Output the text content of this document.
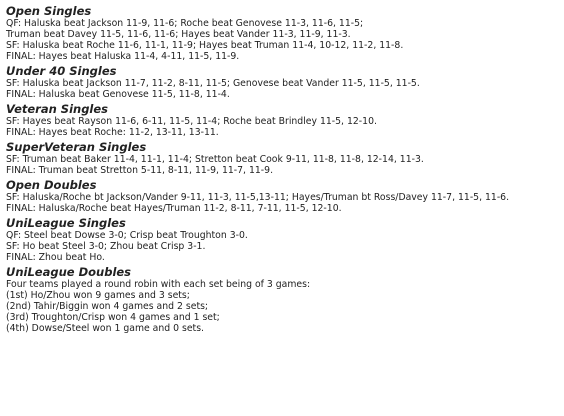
Open Singles
QF: Haluska beat Jackson 11-9, 11-6; Roche beat Genovese 11-3, 11-6, 11-5;
Truman beat Davey 11-5, 11-6, 11-6; Hayes beat Vander 11-3, 11-9, 11-3.
SF: Haluska beat Roche 11-6, 11-1, 11-9; Hayes beat Truman 11-4, 10-12, 11-2, 11-8.
FINAL: Hayes beat Haluska 11-4, 4-11, 11-5, 11-9.
Under 40 Singles
SF: Haluska beat Jackson 11-7, 11-2, 8-11, 11-5; Genovese beat Vander 11-5, 11-5, 11-5.
FINAL: Haluska beat Genovese 11-5, 11-8, 11-4.
Veteran Singles
SF: Hayes beat Rayson 11-6, 6-11, 11-5, 11-4; Roche beat Brindley 11-5, 12-10.
FINAL: Hayes beat Roche: 11-2, 13-11, 13-11.
SuperVeteran Singles
SF: Truman beat Baker 11-4, 11-1, 11-4; Stretton beat Cook 9-11, 11-8, 11-8, 12-14, 11-3.
FINAL: Truman beat Stretton 5-11, 8-11, 11-9, 11-7, 11-9.
Open Doubles
SF: Haluska/Roche bt Jackson/Vander 9-11, 11-3, 11-5,13-11; Hayes/Truman bt Ross/Davey 11-7, 11-5, 11-6.
FINAL: Haluska/Roche beat Hayes/Truman 11-2, 8-11, 7-11, 11-5, 12-10.
UniLeague Singles
QF: Steel beat Dowse 3-0; Crisp beat Troughton 3-0.
SF: Ho beat Steel 3-0; Zhou beat Crisp 3-1.
FINAL: Zhou beat Ho.
UniLeague Doubles
Four teams played a round robin with each set being of 3 games:
(1st) Ho/Zhou won 9 games and 3 sets;
(2nd) Tahir/Biggin won 4 games and 2 sets;
(3rd) Troughton/Crisp won 4 games and 1 set;
(4th) Dowse/Steel won 1 game and 0 sets.
